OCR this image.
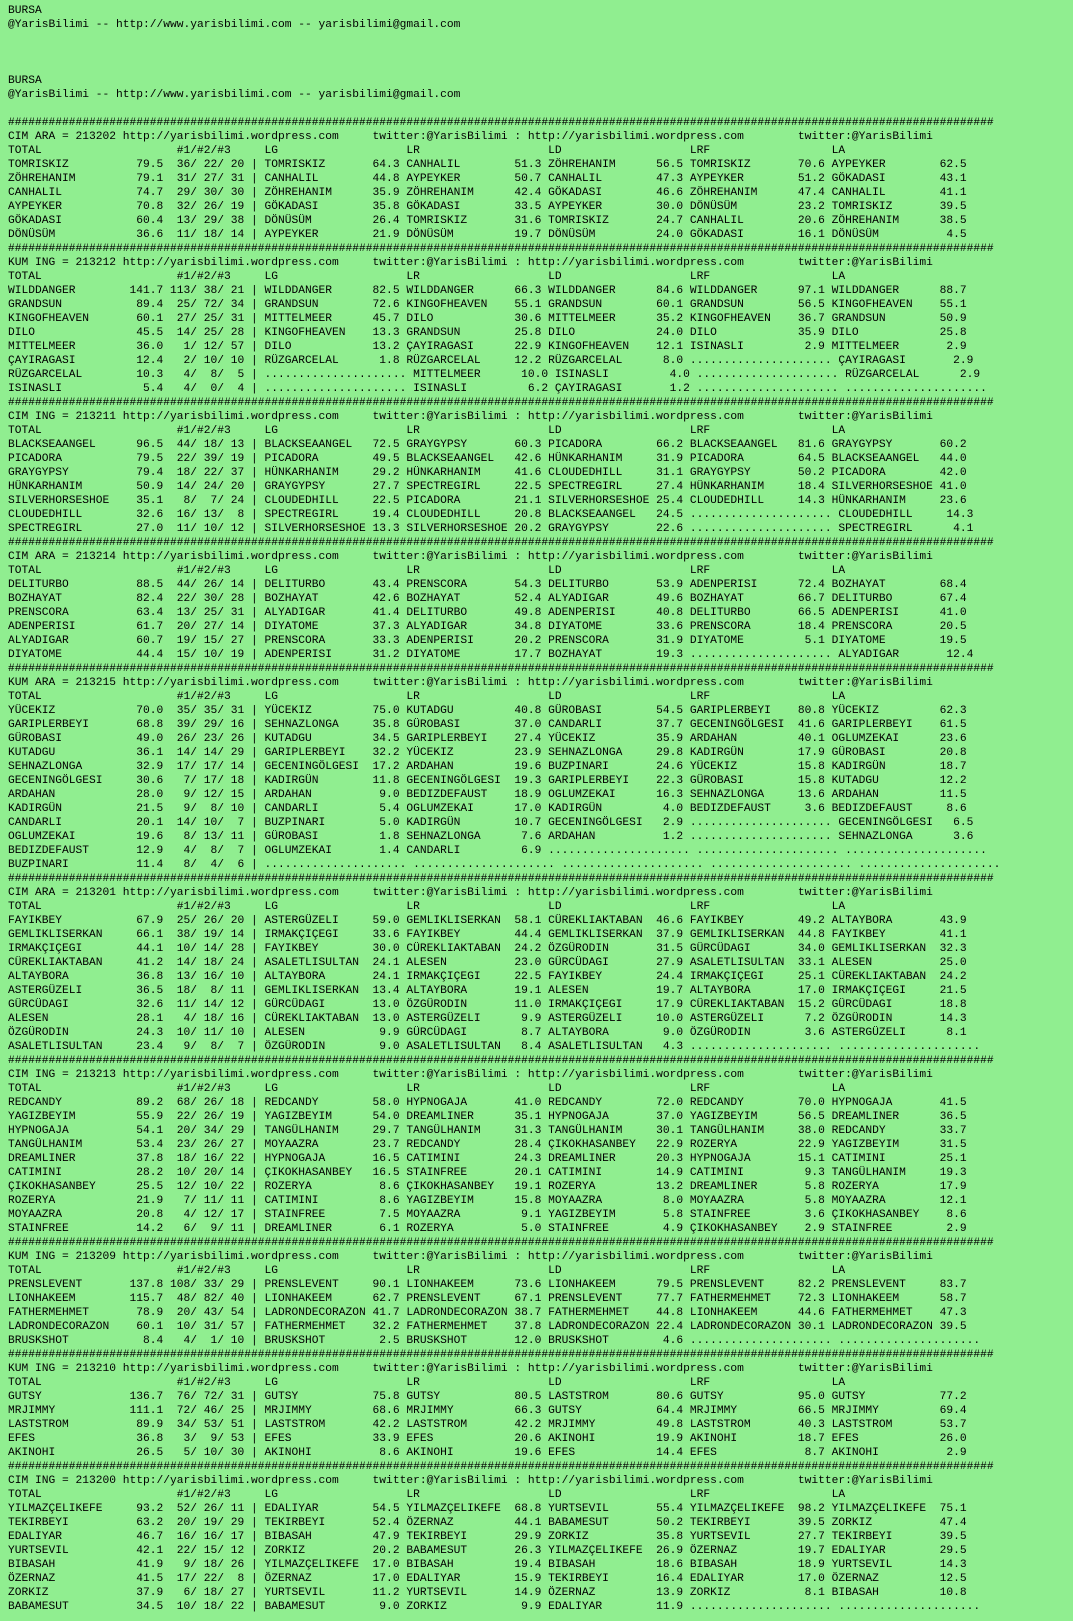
BURSA
@YarisBilimi -- http://www.yarisbilimi.com -- yarisbilimi@gmail.com
BURSA
@YarisBilimi -- http://www.yarisbilimi.com -- yarisbilimi@gmail.com
##################################################################################################################################################
CIM ARA = 213202 http://yarisbilimi.wordpress.com     twitter:@YarisBilimi : http://yarisbilimi.wordpress.com        twitter:@YarisBilimi
TOTAL                    #1/#2/#3     LG                   LR                   LD                   LRF                  LA
TOMRISKIZ          79.5  36/ 22/ 20 | TOMRISKIZ       64.3 CANHALIL        51.3 ZÖHREHANIM      56.5 TOMRISKIZ       70.6 AYPEYKER        62.5
ZÖHREHANIM         79.1  31/ 27/ 31 | CANHALIL        44.8 AYPEYKER        50.7 CANHALIL        47.3 AYPEYKER        51.2 GÖKADASI        43.1
CANHALIL           74.7  29/ 30/ 30 | ZÖHREHANIM      35.9 ZÖHREHANIM      42.4 GÖKADASI        46.6 ZÖHREHANIM      47.4 CANHALIL        41.1
AYPEYKER           70.8  32/ 26/ 19 | GÖKADASI        35.8 GÖKADASI        33.5 AYPEYKER        30.0 DÖNÜSÜM         23.2 TOMRISKIZ       39.5
GÖKADASI           60.4  13/ 29/ 38 | DÖNÜSÜM         26.4 TOMRISKIZ       31.6 TOMRISKIZ       24.7 CANHALIL        20.6 ZÖHREHANIM      38.5
DÖNÜSÜM            36.6  11/ 18/ 14 | AYPEYKER        21.9 DÖNÜSÜM         19.7 DÖNÜSÜM         24.0 GÖKADASI        16.1 DÖNÜSÜM          4.5
##################################################################################################################################################
KUM ING = 213212 http://yarisbilimi.wordpress.com     twitter:@YarisBilimi : http://yarisbilimi.wordpress.com        twitter:@YarisBilimi
TOTAL                    #1/#2/#3     LG                   LR                   LD                   LRF                  LA
WILDDANGER        141.7 113/ 38/ 21 | WILDDANGER      82.5 WILDDANGER      66.3 WILDDANGER      84.6 WILDDANGER      97.1 WILDDANGER      88.7
GRANDSUN           89.4  25/ 72/ 34 | GRANDSUN        72.6 KINGOFHEAVEN    55.1 GRANDSUN        60.1 GRANDSUN        56.5 KINGOFHEAVEN    55.1
KINGOFHEAVEN       60.1  27/ 25/ 31 | MITTELMEER      45.7 DILO            30.6 MITTELMEER      35.2 KINGOFHEAVEN    36.7 GRANDSUN        50.9
DILO               45.5  14/ 25/ 28 | KINGOFHEAVEN    13.3 GRANDSUN        25.8 DILO            24.0 DILO            35.9 DILO            25.8
MITTELMEER         36.0   1/ 12/ 57 | DILO            13.2 ÇAYIRAGASI      22.9 KINGOFHEAVEN    12.1 ISINASLI         2.9 MITTELMEER       2.9
ÇAYIRAGASI         12.4   2/ 10/ 10 | RÜZGARCELAL      1.8 RÜZGARCELAL     12.2 RÜZGARCELAL      8.0 ..................... ÇAYIRAGASI       2.9
RÜZGARCELAL        10.3   4/  8/  5 | ..................... MITTELMEER      10.0 ISINASLI         4.0 ..................... RÜZGARCELAL      2.9
ISINASLI            5.4   4/  0/  4 | ..................... ISINASLI         6.2 ÇAYIRAGASI       1.2 ..................... .....................
##################################################################################################################################################
CIM ING = 213211 http://yarisbilimi.wordpress.com     twitter:@YarisBilimi : http://yarisbilimi.wordpress.com        twitter:@YarisBilimi
TOTAL                    #1/#2/#3     LG                   LR                   LD                   LRF                  LA
BLACKSEAANGEL      96.5  44/ 18/ 13 | BLACKSEAANGEL   72.5 GRAYGYPSY       60.3 PICADORA        66.2 BLACKSEAANGEL   81.6 GRAYGYPSY       60.2
PICADORA           79.5  22/ 39/ 19 | PICADORA        49.5 BLACKSEAANGEL   42.6 HÜNKARHANIM     31.9 PICADORA        64.5 BLACKSEAANGEL   44.0
GRAYGYPSY          79.4  18/ 22/ 37 | HÜNKARHANIM     29.2 HÜNKARHANIM     41.6 CLOUDEDHILL     31.1 GRAYGYPSY       50.2 PICADORA        42.0
HÜNKARHANIM        50.9  14/ 24/ 20 | GRAYGYPSY       27.7 SPECTREGIRL     22.5 SPECTREGIRL     27.4 HÜNKARHANIM     18.4 SILVERHORSESHOE 41.0
SILVERHORSESHOE    35.1   8/  7/ 24 | CLOUDEDHILL     22.5 PICADORA        21.1 SILVERHORSESHOE 25.4 CLOUDEDHILL     14.3 HÜNKARHANIM     23.6
CLOUDEDHILL        32.6  16/ 13/  8 | SPECTREGIRL     19.4 CLOUDEDHILL     20.8 BLACKSEAANGEL   24.5 ..................... CLOUDEDHILL     14.3
SPECTREGIRL        27.0  11/ 10/ 12 | SILVERHORSESHOE 13.3 SILVERHORSESHOE 20.2 GRAYGYPSY       22.6 ..................... SPECTREGIRL      4.1
##################################################################################################################################################
CIM ARA = 213214 http://yarisbilimi.wordpress.com     twitter:@YarisBilimi : http://yarisbilimi.wordpress.com        twitter:@YarisBilimi
TOTAL                    #1/#2/#3     LG                   LR                   LD                   LRF                  LA
DELITURBO          88.5  44/ 26/ 14 | DELITURBO       43.4 PRENSCORA       54.3 DELITURBO       53.9 ADENPERISI      72.4 BOZHAYAT        68.4
BOZHAYAT           82.4  22/ 30/ 28 | BOZHAYAT        42.6 BOZHAYAT        52.4 ALYADIGAR       49.6 BOZHAYAT        66.7 DELITURBO       67.4
PRENSCORA          63.4  13/ 25/ 31 | ALYADIGAR       41.4 DELITURBO       49.8 ADENPERISI      40.8 DELITURBO       66.5 ADENPERISI      41.0
ADENPERISI         61.7  20/ 27/ 14 | DIYATOME        37.3 ALYADIGAR       34.8 DIYATOME        33.6 PRENSCORA       18.4 PRENSCORA       20.5
ALYADIGAR          60.7  19/ 15/ 27 | PRENSCORA       33.3 ADENPERISI      20.2 PRENSCORA       31.9 DIYATOME         5.1 DIYATOME        19.5
DIYATOME           44.4  15/ 10/ 19 | ADENPERISI      31.2 DIYATOME        17.7 BOZHAYAT        19.3 ..................... ALYADIGAR       12.4
##################################################################################################################################################
KUM ARA = 213215 http://yarisbilimi.wordpress.com     twitter:@YarisBilimi : http://yarisbilimi.wordpress.com        twitter:@YarisBilimi
TOTAL                    #1/#2/#3     LG                   LR                   LD                   LRF                  LA
YÜCEKIZ            70.0  35/ 35/ 31 | YÜCEKIZ         75.0 KUTADGU         40.8 GÜROBASI        54.5 GARIPLERBEYI    80.8 YÜCEKIZ         62.3
GARIPLERBEYI       68.8  39/ 29/ 16 | SEHNAZLONGA     35.8 GÜROBASI        37.0 CANDARLI        37.7 GECENINGÖLGESI  41.6 GARIPLERBEYI    61.5
GÜROBASI           49.0  26/ 23/ 26 | KUTADGU         34.5 GARIPLERBEYI    27.4 YÜCEKIZ         35.9 ARDAHAN         40.1 OGLUMZEKAI      23.6
KUTADGU            36.1  14/ 14/ 29 | GARIPLERBEYI    32.2 YÜCEKIZ         23.9 SEHNAZLONGA     29.8 KADIRGÜN        17.9 GÜROBASI        20.8
SEHNAZLONGA        32.9  17/ 17/ 14 | GECENINGÖLGESI  17.2 ARDAHAN         19.6 BUZPINARI       24.6 YÜCEKIZ         15.8 KADIRGÜN        18.7
GECENINGÖLGESI     30.6   7/ 17/ 18 | KADIRGÜN        11.8 GECENINGÖLGESI  19.3 GARIPLERBEYI    22.3 GÜROBASI        15.8 KUTADGU         12.2
ARDAHAN            28.0   9/ 12/ 15 | ARDAHAN          9.0 BEDIZDEFAUST    18.9 OGLUMZEKAI      16.3 SEHNAZLONGA     13.6 ARDAHAN         11.5
KADIRGÜN           21.5   9/  8/ 10 | CANDARLI         5.4 OGLUMZEKAI      17.0 KADIRGÜN         4.0 BEDIZDEFAUST     3.6 BEDIZDEFAUST     8.6
CANDARLI           20.1  14/ 10/  7 | BUZPINARI        5.0 KADIRGÜN        10.7 GECENINGÖLGESI   2.9 ..................... GECENINGÖLGESI   6.5
OGLUMZEKAI         19.6   8/ 13/ 11 | GÜROBASI         1.8 SEHNAZLONGA      7.6 ARDAHAN          1.2 ..................... SEHNAZLONGA      3.6
BEDIZDEFAUST       12.9   4/  8/  7 | OGLUMZEKAI       1.4 CANDARLI         6.9 ..................... ..................... .....................
BUZPINARI          11.4   8/  4/  6 | ..................... ..................... ..................... ..................... .....................
##################################################################################################################################################
CIM ARA = 213201 http://yarisbilimi.wordpress.com     twitter:@YarisBilimi : http://yarisbilimi.wordpress.com        twitter:@YarisBilimi
TOTAL                    #1/#2/#3     LG                   LR                   LD                   LRF                  LA
FAYIKBEY           67.9  25/ 26/ 20 | ASTERGÜZELI     59.0 GEMLIKLISERKAN  58.1 CÜREKLIAKTABAN  46.6 FAYIKBEY        49.2 ALTAYBORA       43.9
GEMLIKLISERKAN     66.1  38/ 19/ 14 | IRMAKÇIÇEGI     33.6 FAYIKBEY        44.4 GEMLIKLISERKAN  37.9 GEMLIKLISERKAN  44.8 FAYIKBEY        41.1
IRMAKÇIÇEGI        44.1  10/ 14/ 28 | FAYIKBEY        30.0 CÜREKLIAKTABAN  24.2 ÖZGÜRODIN       31.5 GÜRCÜDAGI       34.0 GEMLIKLISERKAN  32.3
CÜREKLIAKTABAN     41.2  14/ 18/ 24 | ASALETLISULTAN  24.1 ALESEN          23.0 GÜRCÜDAGI       27.9 ASALETLISULTAN  33.1 ALESEN          25.0
ALTAYBORA          36.8  13/ 16/ 10 | ALTAYBORA       24.1 IRMAKÇIÇEGI     22.5 FAYIKBEY        24.4 IRMAKÇIÇEGI     25.1 CÜREKLIAKTABAN  24.2
ASTERGÜZELI        36.5  18/  8/ 11 | GEMLIKLISERKAN  13.4 ALTAYBORA       19.1 ALESEN          19.7 ALTAYBORA       17.0 IRMAKÇIÇEGI     21.5
GÜRCÜDAGI          32.6  11/ 14/ 12 | GÜRCÜDAGI       13.0 ÖZGÜRODIN       11.0 IRMAKÇIÇEGI     17.9 CÜREKLIAKTABAN  15.2 GÜRCÜDAGI       18.8
ALESEN             28.1   4/ 18/ 16 | CÜREKLIAKTABAN  13.0 ASTERGÜZELI      9.9 ASTERGÜZELI     10.0 ASTERGÜZELI      7.2 ÖZGÜRODIN       14.3
ÖZGÜRODIN          24.3  10/ 11/ 10 | ALESEN           9.9 GÜRCÜDAGI        8.7 ALTAYBORA        9.0 ÖZGÜRODIN        3.6 ASTERGÜZELI      8.1
ASALETLISULTAN     23.4   9/  8/  7 | ÖZGÜRODIN        9.0 ASALETLISULTAN   8.4 ASALETLISULTAN   4.3 ..................... .....................
##################################################################################################################################################
CIM ING = 213213 http://yarisbilimi.wordpress.com     twitter:@YarisBilimi : http://yarisbilimi.wordpress.com        twitter:@YarisBilimi
TOTAL                    #1/#2/#3     LG                   LR                   LD                   LRF                  LA
REDCANDY           89.2  68/ 26/ 18 | REDCANDY        58.0 HYPNOGAJA       41.0 REDCANDY        72.0 REDCANDY        70.0 HYPNOGAJA       41.5
YAGIZBEYIM         55.9  22/ 26/ 19 | YAGIZBEYIM      54.0 DREAMLINER      35.1 HYPNOGAJA       37.0 YAGIZBEYIM      56.5 DREAMLINER      36.5
HYPNOGAJA          54.1  20/ 34/ 29 | TANGÜLHANIM     29.7 TANGÜLHANIM     31.3 TANGÜLHANIM     30.1 TANGÜLHANIM     38.0 REDCANDY        33.7
TANGÜLHANIM        53.4  23/ 26/ 27 | MOYAAZRA        23.7 REDCANDY        28.4 ÇIKOKHASANBEY   22.9 ROZERYA         22.9 YAGIZBEYIM      31.5
DREAMLINER         37.8  18/ 16/ 22 | HYPNOGAJA       16.5 CATIMINI        24.3 DREAMLINER      20.3 HYPNOGAJA       15.1 CATIMINI        25.1
CATIMINI           28.2  10/ 20/ 14 | ÇIKOKHASANBEY   16.5 STAINFREE       20.1 CATIMINI        14.9 CATIMINI         9.3 TANGÜLHANIM     19.3
ÇIKOKHASANBEY      25.5  12/ 10/ 22 | ROZERYA          8.6 ÇIKOKHASANBEY   19.1 ROZERYA         13.2 DREAMLINER       5.8 ROZERYA         17.9
ROZERYA            21.9   7/ 11/ 11 | CATIMINI         8.6 YAGIZBEYIM      15.8 MOYAAZRA         8.0 MOYAAZRA         5.8 MOYAAZRA        12.1
MOYAAZRA           20.8   4/ 12/ 17 | STAINFREE        7.5 MOYAAZRA         9.1 YAGIZBEYIM       5.8 STAINFREE        3.6 ÇIKOKHASANBEY    8.6
STAINFREE          14.2   6/  9/ 11 | DREAMLINER       6.1 ROZERYA          5.0 STAINFREE        4.9 ÇIKOKHASANBEY    2.9 STAINFREE        2.9
##################################################################################################################################################
KUM ING = 213209 http://yarisbilimi.wordpress.com     twitter:@YarisBilimi : http://yarisbilimi.wordpress.com        twitter:@YarisBilimi
TOTAL                    #1/#2/#3     LG                   LR                   LD                   LRF                  LA
PRENSLEVENT       137.8 108/ 33/ 29 | PRENSLEVENT     90.1 LIONHAKEEM      73.6 LIONHAKEEM      79.5 PRENSLEVENT     82.2 PRENSLEVENT     83.7
LIONHAKEEM        115.7  48/ 82/ 40 | LIONHAKEEM      62.7 PRENSLEVENT     67.1 PRENSLEVENT     77.7 FATHERMEHMET    72.3 LIONHAKEEM      58.7
FATHERMEHMET       78.9  20/ 43/ 54 | LADRONDECORAZON 41.7 LADRONDECORAZON 38.7 FATHERMEHMET    44.8 LIONHAKEEM      44.6 FATHERMEHMET    47.3
LADRONDECORAZON    60.1  10/ 31/ 57 | FATHERMEHMET    32.2 FATHERMEHMET    37.8 LADRONDECORAZON 22.4 LADRONDECORAZON 30.1 LADRONDECORAZON 39.5
BRUSKSHOT           8.4   4/  1/ 10 | BRUSKSHOT        2.5 BRUSKSHOT       12.0 BRUSKSHOT        4.6 ..................... .....................
##################################################################################################################################################
KUM ING = 213210 http://yarisbilimi.wordpress.com     twitter:@YarisBilimi : http://yarisbilimi.wordpress.com        twitter:@YarisBilimi
TOTAL                    #1/#2/#3     LG                   LR                   LD                   LRF                  LA
GUTSY             136.7  76/ 72/ 31 | GUTSY           75.8 GUTSY           80.5 LASTSTROM       80.6 GUTSY           95.0 GUTSY           77.2
MRJIMMY           111.1  72/ 46/ 25 | MRJIMMY         68.6 MRJIMMY         66.3 GUTSY           64.4 MRJIMMY         66.5 MRJIMMY         69.4
LASTSTROM          89.9  34/ 53/ 51 | LASTSTROM       42.2 LASTSTROM       42.2 MRJIMMY         49.8 LASTSTROM       40.3 LASTSTROM       53.7
EFES               36.8   3/  9/ 53 | EFES            33.9 EFES            20.6 AKINOHI         19.9 AKINOHI         18.7 EFES            26.0
AKINOHI            26.5   5/ 10/ 30 | AKINOHI          8.6 AKINOHI         19.6 EFES            14.4 EFES             8.7 AKINOHI          2.9
##################################################################################################################################################
CIM ING = 213200 http://yarisbilimi.wordpress.com     twitter:@YarisBilimi : http://yarisbilimi.wordpress.com        twitter:@YarisBilimi
TOTAL                    #1/#2/#3     LG                   LR                   LD                   LRF                  LA
YILMAZÇELIKEFE     93.2  52/ 26/ 11 | EDALIYAR        54.5 YILMAZÇELIKEFE  68.8 YURTSEVIL       55.4 YILMAZÇELIKEFE  98.2 YILMAZÇELIKEFE  75.1
TEKIRBEYI          63.2  20/ 19/ 29 | TEKIRBEYI       52.4 ÖZERNAZ         44.1 BABAMESUT       50.2 TEKIRBEYI       39.5 ZORKIZ          47.4
EDALIYAR           46.7  16/ 16/ 17 | BIBASAH         47.9 TEKIRBEYI       29.9 ZORKIZ          35.8 YURTSEVIL       27.7 TEKIRBEYI       39.5
YURTSEVIL          42.1  22/ 15/ 12 | ZORKIZ          20.2 BABAMESUT       26.3 YILMAZÇELIKEFE  26.9 ÖZERNAZ         19.7 EDALIYAR        29.5
BIBASAH            41.9   9/ 18/ 26 | YILMAZÇELIKEFE  17.0 BIBASAH         19.4 BIBASAH         18.6 BIBASAH         18.9 YURTSEVIL       14.3
ÖZERNAZ            41.5  17/ 22/  8 | ÖZERNAZ         17.0 EDALIYAR        15.9 TEKIRBEYI       16.4 EDALIYAR        17.0 ÖZERNAZ         12.5
ZORKIZ             37.9   6/ 18/ 27 | YURTSEVIL       11.2 YURTSEVIL       14.9 ÖZERNAZ         13.9 ZORKIZ           8.1 BIBASAH         10.8
BABAMESUT          34.5  10/ 18/ 22 | BABAMESUT        9.0 ZORKIZ           9.9 EDALIYAR        11.9 ..................... .....................
